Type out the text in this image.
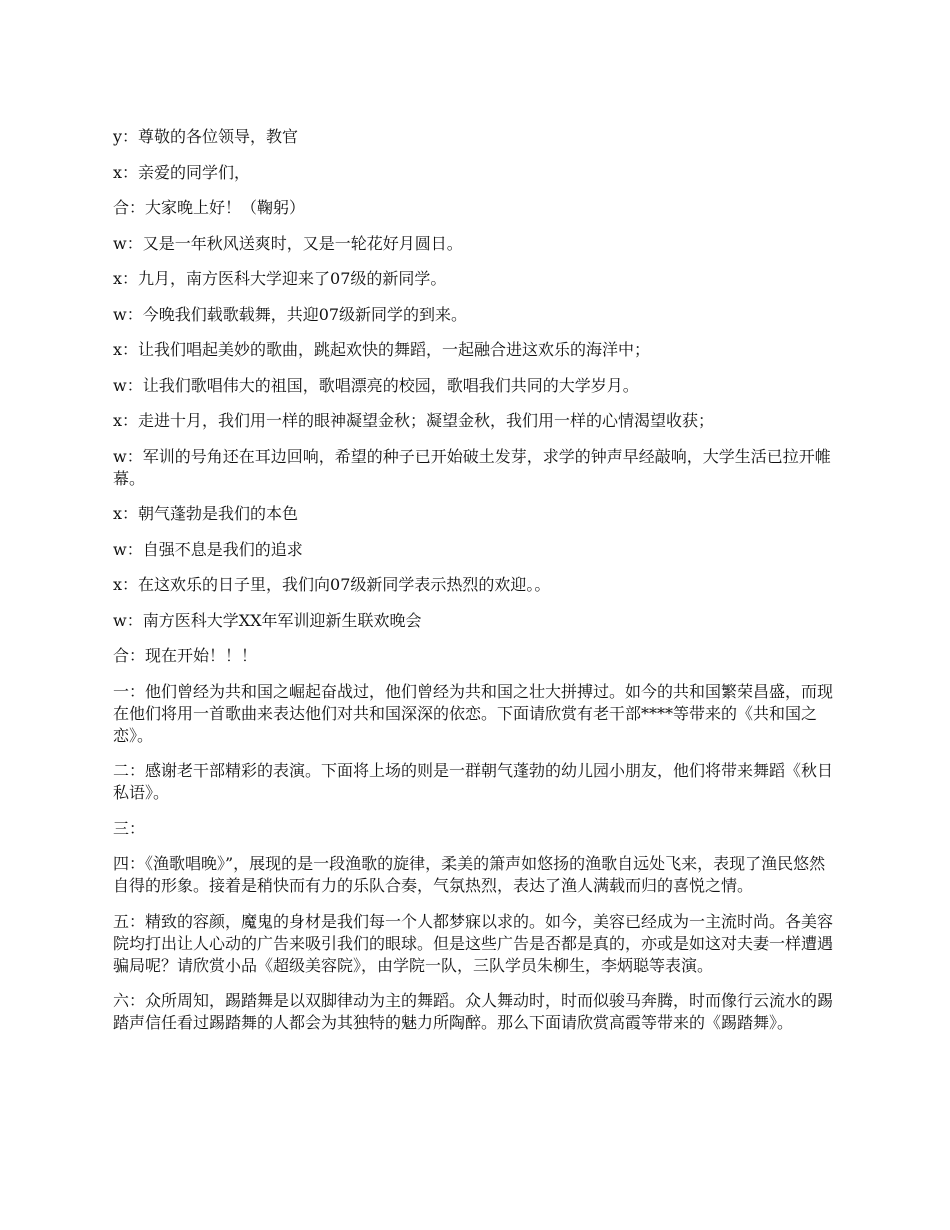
y：尊敬的各位领导，教官

x：亲爱的同学们，

合：大家晚上好！（鞠躬）

w：又是一年秋风送爽时，又是一轮花好月圆日。

x：九月，南方医科大学迎来了07级的新同学。

w：今晚我们载歌载舞，共迎07级新同学的到来。

x：让我们唱起美妙的歌曲，跳起欢快的舞蹈，一起融合进这欢乐的海洋中；

w：让我们歌唱伟大的祖国，歌唱漂亮的校园，歌唱我们共同的大学岁月。

x：走进十月，我们用一样的眼神凝望金秋；凝望金秋，我们用一样的心情渴望收获；

w：军训的号角还在耳边回响，希望的种子已开始破土发芽，求学的钟声早经敲响，大学生活已拉开帷幕。

x：朝气蓬勃是我们的本色

w：自强不息是我们的追求

x：在这欢乐的日子里，我们向07级新同学表示热烈的欢迎。。

w：南方医科大学XX年军训迎新生联欢晚会

合：现在开始！！！

一：他们曾经为共和国之崛起奋战过，他们曾经为共和国之壮大拼搏过。如今的共和国繁荣昌盛，而现在他们将用一首歌曲来表达他们对共和国深深的依恋。下面请欣赏有老干部****等带来的《共和国之恋》。

二：感谢老干部精彩的表演。下面将上场的则是一群朝气蓬勃的幼儿园小朋友，他们将带来舞蹈《秋日私语》。

三：

四：《渔歌唱晚》”，展现的是一段渔歌的旋律，柔美的箫声如悠扬的渔歌自远处飞来，表现了渔民悠然自得的形象。接着是稍快而有力的乐队合奏，气氛热烈，表达了渔人满载而归的喜悦之情。

五：精致的容颜，魔鬼的身材是我们每一个人都梦寐以求的。如今，美容已经成为一主流时尚。各美容院均打出让人心动的广告来吸引我们的眼球。但是这些广告是否都是真的，亦或是如这对夫妻一样遭遇骗局呢？请欣赏小品《超级美容院》，由学院一队，三队学员朱柳生，李炳聪等表演。

六：众所周知，踢踏舞是以双脚律动为主的舞蹈。众人舞动时，时而似骏马奔腾，时而像行云流水的踢踏声信任看过踢踏舞的人都会为其独特的魅力所陶醉。那么下面请欣赏高霞等带来的《踢踏舞》。
